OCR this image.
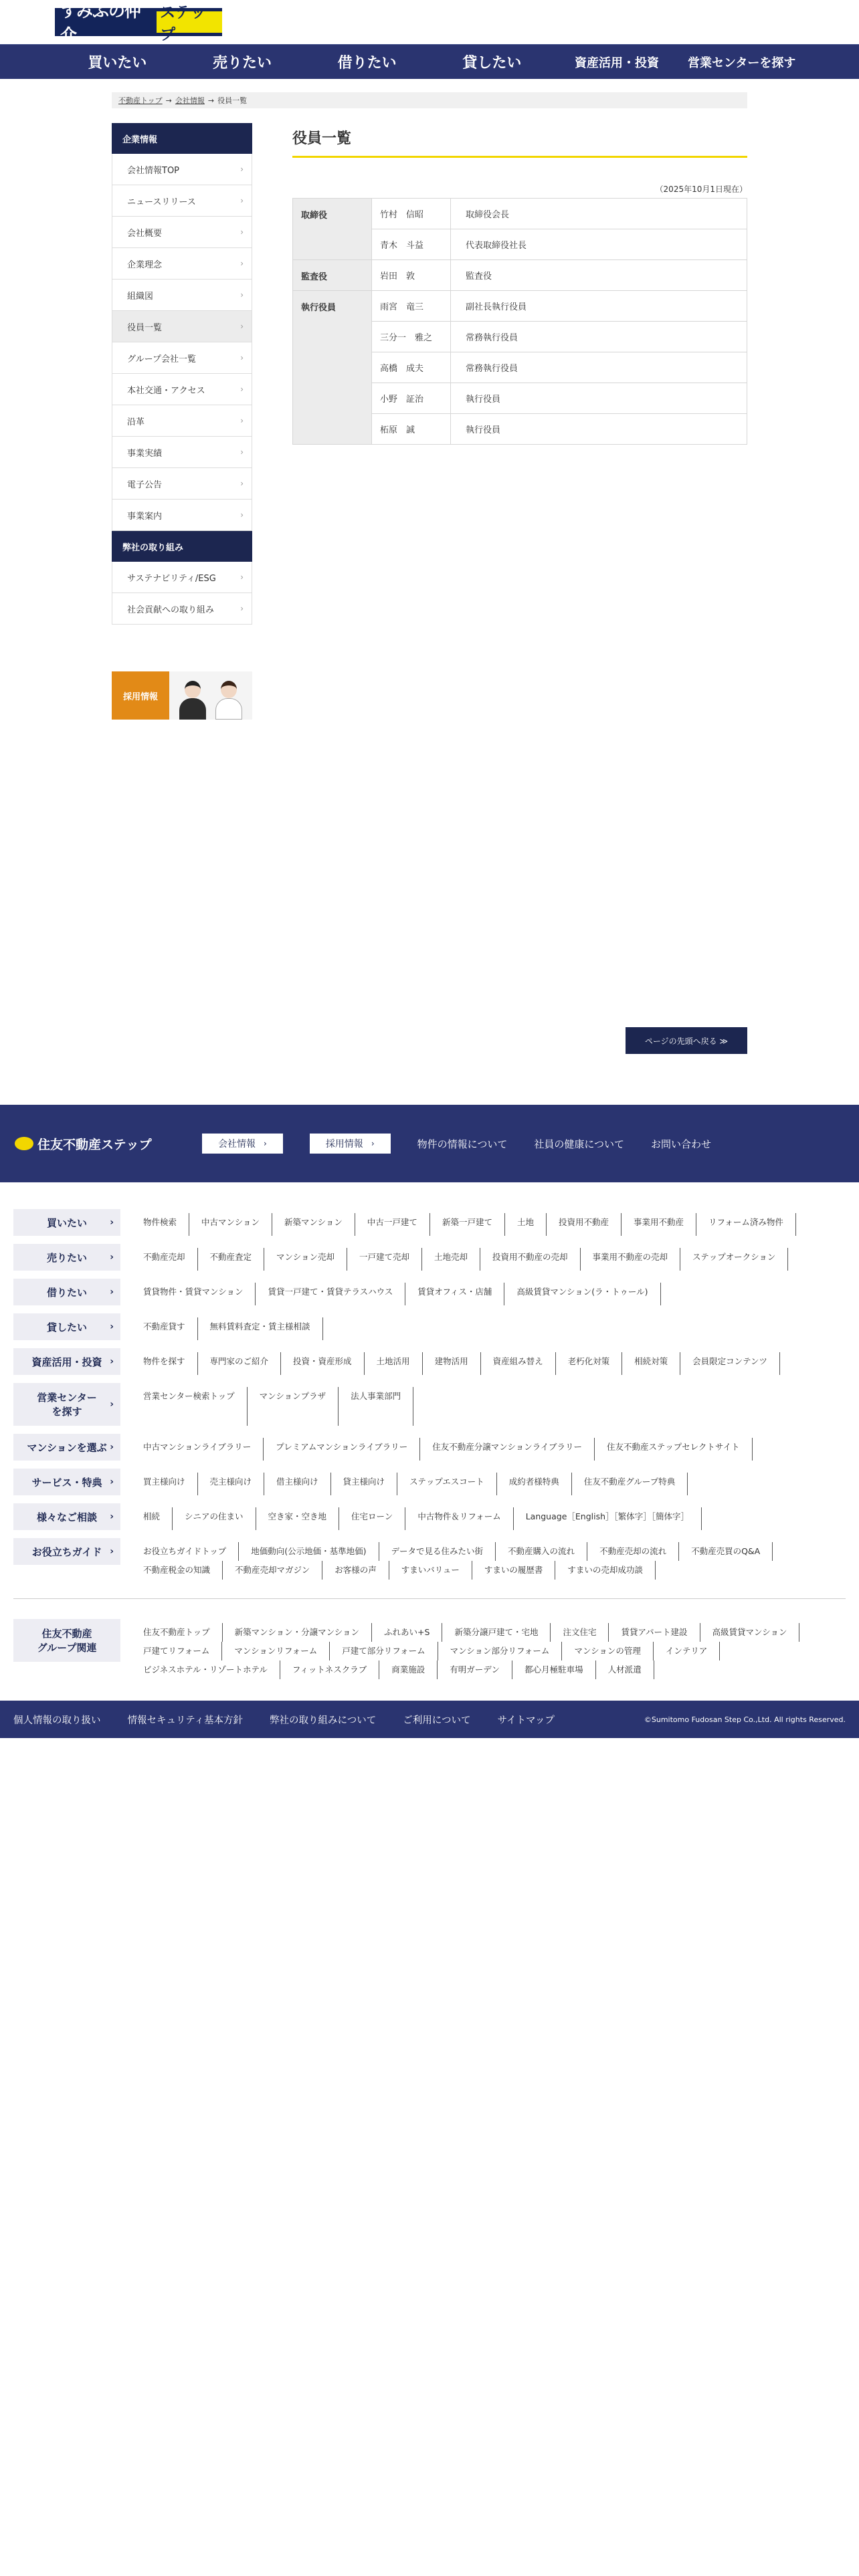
すみふの仲介
ステップ
買いたい	売りたい	借りたい	貸したい	資産活用・投資	営業センターを探す
不動産トップ → 会社情報 → 役員一覧
企業情報
会社情報TOP	›
ニュースリリース	›
会社概要	›
企業理念	›
組織図	›
役員一覧	›
グループ会社一覧	›
本社交通・アクセス	›
沿革	›
事業実績	›
電子公告	›
事業案内	›
弊社の取り組み
サステナビリティ/ESG	›
社会貢献への取り組み	›
採用情報
役員一覧
（2025年10月1日現在）
取締役	竹村　信昭	取締役会長
	青木　斗益	代表取締役社長
監査役	岩田　敦	監査役
執行役員	雨宮　竜三	副社長執行役員
	三分一　雅之	常務執行役員
	高橋　成夫	常務執行役員
	小野　証治	執行役員
	柘原　誠	執行役員
ページの先頭へ戻る ≫
住友不動産ステップ	会社情報 ›	採用情報 ›	物件の情報について	社員の健康について	お問い合わせ
買いたい ›	物件検索	中古マンション	新築マンション	中古一戸建て	新築一戸建て	土地	投資用不動産	事業用不動産	リフォーム済み物件
売りたい ›	不動産売却	不動産査定	マンション売却	一戸建て売却	土地売却	投資用不動産の売却	事業用不動産の売却	ステップオークション
借りたい ›	賃貸物件・賃貸マンション	賃貸一戸建て・賃貸テラスハウス	賃貸オフィス・店舗	高級賃貸マンション(ラ・トゥール)
貸したい ›	不動産貸す	無料賃料査定・賃主様相談
資産活用・投資 ›	物件を探す	専門家のご紹介	投資・資産形成	土地活用	建物活用	資産組み替え	老朽化対策	相続対策	会員限定コンテンツ
営業センター
を探す
›
営業センター検索トップ	マンションプラザ	法人事業部門
マンションを選ぶ ›	中古マンションライブラリー	プレミアムマンションライブラリー	住友不動産分譲マンションライブラリー	住友不動産ステップセレクトサイト
サービス・特典 ›	買主様向け	売主様向け	借主様向け	貸主様向け	ステップエスコート	成約者様特典	住友不動産グループ特典
様々なご相談 ›	相続	シニアの住まい	空き家・空き地	住宅ローン	中古物件＆リフォーム	Language［English］［繁体字］［簡体字］
お役立ちガイド ›	お役立ちガイドトップ	地価動向(公示地価・基準地価)	データで見る住みたい街	不動産購入の流れ	不動産売却の流れ	不動産売買のQ&A
不動産税金の知識	不動産売却マガジン	お客様の声	すまいバリュー	すまいの履歴書	すまいの売却成功談
住友不動産
グループ関連
住友不動産トップ	新築マンション・分譲マンション	ふれあい+S	新築分譲戸建て・宅地	注文住宅	賃貸アパート建設	高級賃貸マンション
戸建てリフォーム	マンションリフォーム	戸建て部分リフォーム	マンション部分リフォーム	マンションの管理	インテリア
ビジネスホテル・リゾートホテル	フィットネスクラブ	商業施設	有明ガーデン	都心月極駐車場	人材派遣
個人情報の取り扱い	情報セキュリティ基本方針	弊社の取り組みについて	ご利用について	サイトマップ	©Sumitomo Fudosan Step Co.,Ltd. All rights Reserved.
